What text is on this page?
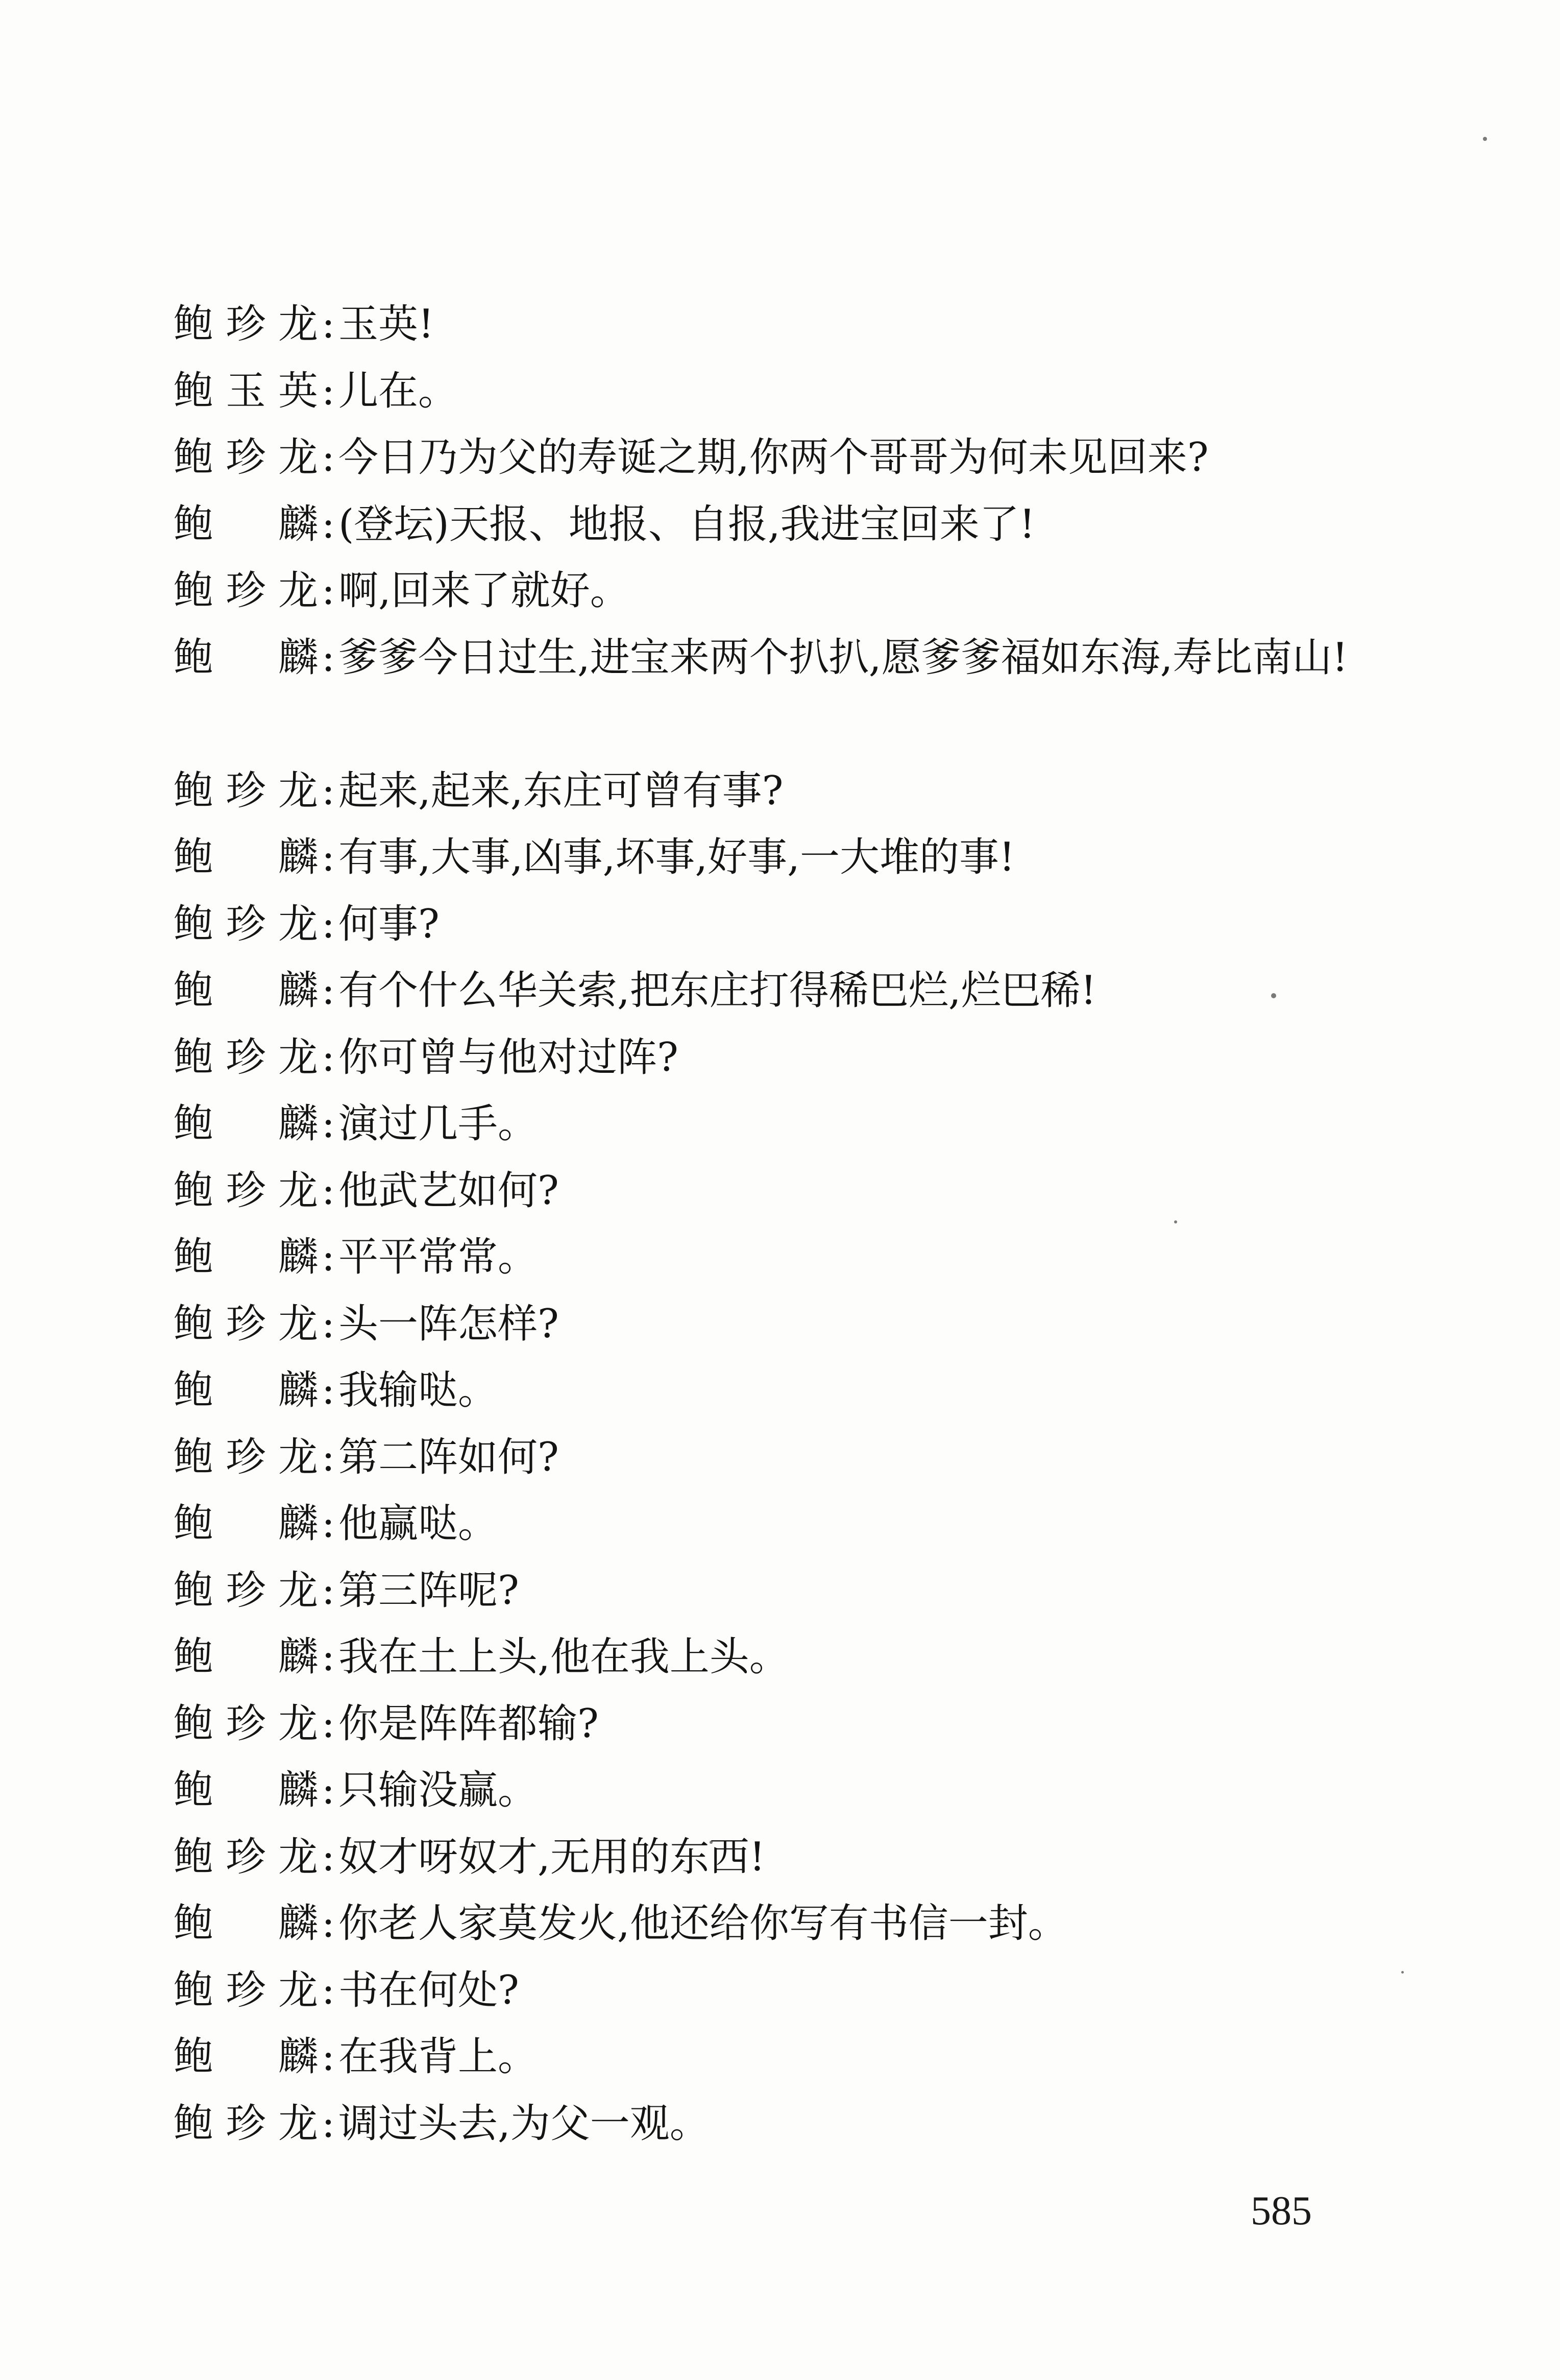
鲍珍龙 : 玉英!
鲍玉英 : 儿在。
鲍珍龙 : 今日乃为父的寿诞之期,你两个哥哥为何未见回来?
鲍　麟 : (登坛)天报、地报、自报,我进宝回来了!
鲍珍龙 : 啊,回来了就好。
鲍　麟 : 爹爹今日过生,进宝来两个扒扒,愿爹爹福如东海,寿比南山!
鲍珍龙 : 起来,起来,东庄可曾有事?
鲍　麟 : 有事,大事,凶事,坏事,好事,一大堆的事!
鲍珍龙 : 何事?
鲍　麟 : 有个什么华关索,把东庄打得稀巴烂,烂巴稀!
鲍珍龙 : 你可曾与他对过阵?
鲍　麟 : 演过几手。
鲍珍龙 : 他武艺如何?
鲍　麟 : 平平常常。
鲍珍龙 : 头一阵怎样?
鲍　麟 : 我输哒。
鲍珍龙 : 第二阵如何?
鲍　麟 : 他赢哒。
鲍珍龙 : 第三阵呢?
鲍　麟 : 我在土上头,他在我上头。
鲍珍龙 : 你是阵阵都输?
鲍　麟 : 只输没赢。
鲍珍龙 : 奴才呀奴才,无用的东西!
鲍　麟 : 你老人家莫发火,他还给你写有书信一封。
鲍珍龙 : 书在何处?
鲍　麟 : 在我背上。
鲍珍龙 : 调过头去,为父一观。
585
